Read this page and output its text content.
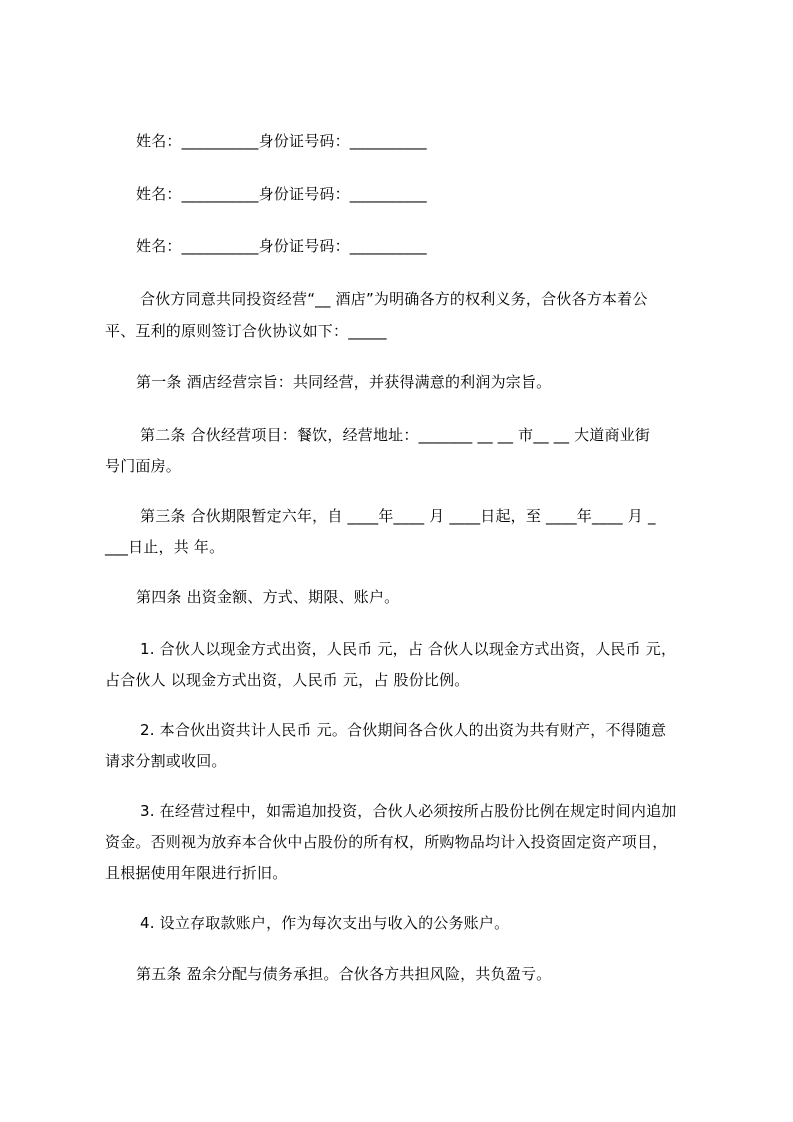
姓名：__________身份证号码：__________
姓名：__________身份证号码：__________
姓名：__________身份证号码：__________
合伙方同意共同投资经营“__ 酒店”为明确各方的权利义务，合伙各方本着公
平、互利的原则签订合伙协议如下：_____
第一条 酒店经营宗旨：共同经营，并获得满意的利润为宗旨。
第二条 合伙经营项目：餐饮，经营地址：_______ __ __ 市__ __ 大道商业街
号门面房。
第三条 合伙期限暂定六年，自 ____年____ 月 ____日起，至 ____年____ 月 _
___日止，共 年。
第四条 出资金额、方式、期限、账户。
1. 合伙人以现金方式出资，人民币 元，占 合伙人以现金方式出资，人民币 元，
占合伙人 以现金方式出资，人民币 元，占 股份比例。
2. 本合伙出资共计人民币 元。合伙期间各合伙人的出资为共有财产，不得随意
请求分割或收回。
3. 在经营过程中，如需追加投资，合伙人必须按所占股份比例在规定时间内追加
资金。否则视为放弃本合伙中占股份的所有权，所购物品均计入投资固定资产项目，
且根据使用年限进行折旧。
4. 设立存取款账户，作为每次支出与收入的公务账户。
第五条 盈余分配与债务承担。合伙各方共担风险，共负盈亏。
